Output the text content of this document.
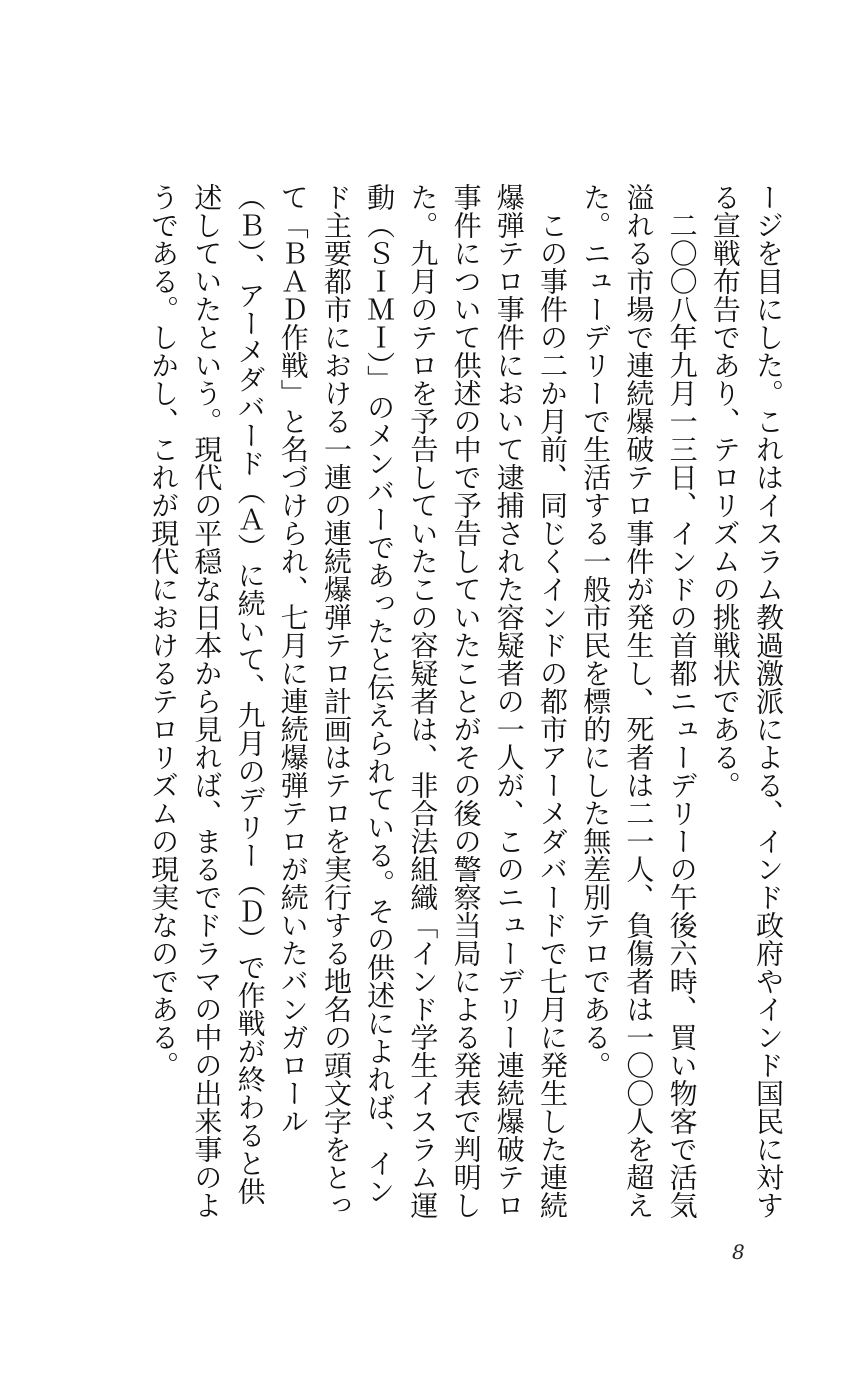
ージを目にした。これはイスラム教過激派による、インド政府やインド国民に対する宣戦布告であり、テロリズムの挑戦状である。

二〇〇八年九月一三日、インドの首都ニューデリーの午後六時、買い物客で活気溢れる市場で連続爆破テロ事件が発生し、死者は二一人、負傷者は一〇〇人を超えた。ニューデリーで生活する一般市民を標的にした無差別テロである。

この事件の二か月前、同じくインドの都市アーメダバードで七月に発生した連続爆弾テロ事件において逮捕された容疑者の一人が、このニューデリー連続爆破テロ事件について供述の中で予告していたことがその後の警察当局による発表で判明した。九月のテロを予告していたこの容疑者は、非合法組織「インド学生イスラム運動（ＳＩＭＩ）」のメンバーであったと伝えられている。その供述によれば、インド主要都市における一連の連続爆弾テロ計画はテロを実行する地名の頭文字をとって「ＢＡＤ作戦」と名づけられ、七月に連続爆弾テロが続いたバンガロール（Ｂ）、アーメダバード（Ａ）に続いて、九月のデリー（Ｄ）で作戦が終わると供述していたという。現代の平穏な日本から見れば、まるでドラマの中の出来事のようである。しかし、これが現代におけるテロリズムの現実なのである。

8
